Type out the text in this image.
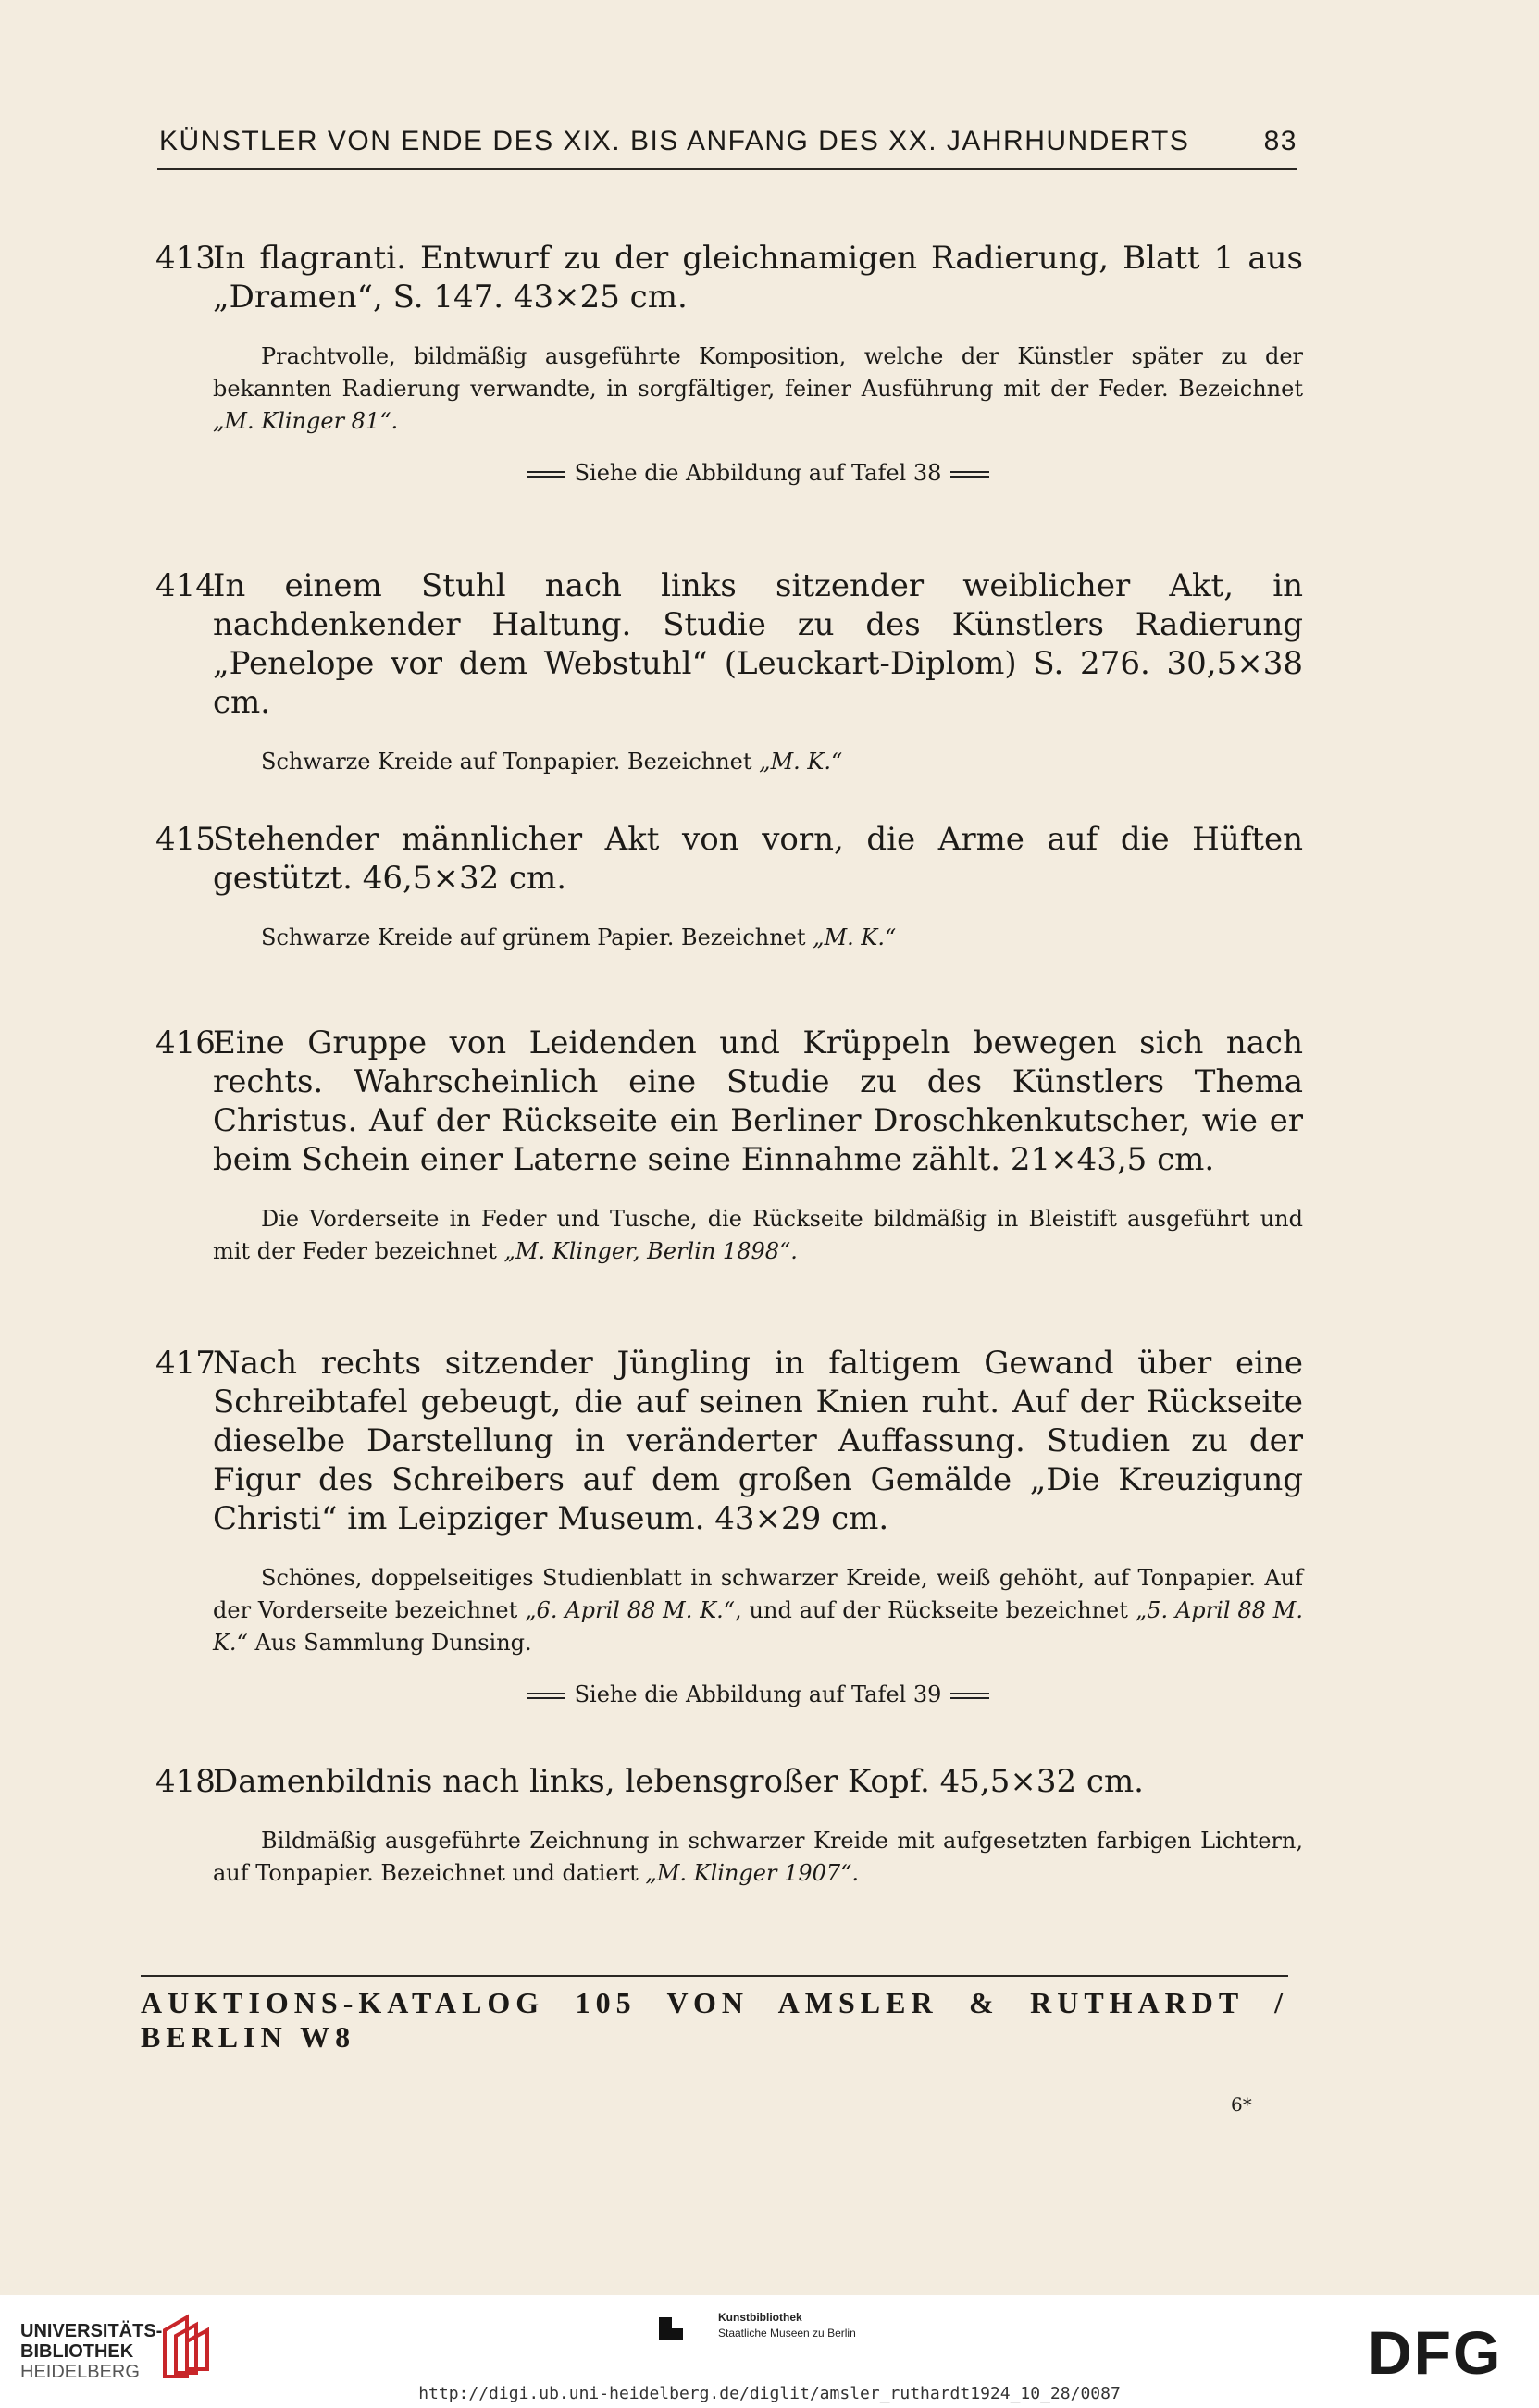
KÜNSTLER VON ENDE DES XIX. BIS ANFANG DES XX. JAHRHUNDERTS	83
413
In flagranti. Entwurf zu der gleichnamigen Radierung, Blatt 1 aus „Dramen“, S. 147. 43×25 cm.
Prachtvolle, bildmäßig ausgeführte Komposition, welche der Künstler später zu der bekannten Radierung verwandte, in sorgfältiger, feiner Ausführung mit der Feder. Bezeichnet „M. Klinger 81“.
Siehe die Abbildung auf Tafel 38
414
In einem Stuhl nach links sitzender weiblicher Akt, in nachdenkender Haltung. Studie zu des Künstlers Radierung „Penelope vor dem Webstuhl“ (Leuckart-Diplom) S. 276. 30,5×38 cm.
Schwarze Kreide auf Tonpapier. Bezeichnet „M. K.“
415
Stehender männlicher Akt von vorn, die Arme auf die Hüften gestützt. 46,5×32 cm.
Schwarze Kreide auf grünem Papier. Bezeichnet „M. K.“
416
Eine Gruppe von Leidenden und Krüppeln bewegen sich nach rechts. Wahrscheinlich eine Studie zu des Künstlers Thema Christus. Auf der Rückseite ein Berliner Droschkenkutscher, wie er beim Schein einer Laterne seine Einnahme zählt. 21×43,5 cm.
Die Vorderseite in Feder und Tusche, die Rückseite bildmäßig in Bleistift ausgeführt und mit der Feder bezeichnet „M. Klinger, Berlin 1898“.
417
Nach rechts sitzender Jüngling in faltigem Gewand über eine Schreibtafel gebeugt, die auf seinen Knien ruht. Auf der Rückseite dieselbe Darstellung in veränderter Auffassung. Studien zu der Figur des Schreibers auf dem großen Gemälde „Die Kreuzigung Christi“ im Leipziger Museum. 43×29 cm.
Schönes, doppelseitiges Studienblatt in schwarzer Kreide, weiß gehöht, auf Tonpapier. Auf der Vorderseite bezeichnet „6. April 88 M. K.“, und auf der Rückseite bezeichnet „5. April 88 M. K.“ Aus Sammlung Dunsing.
Siehe die Abbildung auf Tafel 39
418
Damenbildnis nach links, lebensgroßer Kopf. 45,5×32 cm.
Bildmäßig ausgeführte Zeichnung in schwarzer Kreide mit aufgesetzten farbigen Lichtern, auf Tonpapier. Bezeichnet und datiert „M. Klinger 1907“.
AUKTIONS-KATALOG 105 VON AMSLER & RUTHARDT / BERLIN W8
6*
UNIVERSITÄTS-
BIBLIOTHEK
HEIDELBERG
Kunstbibliothek
Staatliche Museen zu Berlin	DFG
http://digi.ub.uni-heidelberg.de/diglit/amsler_ruthardt1924_10_28/0087
